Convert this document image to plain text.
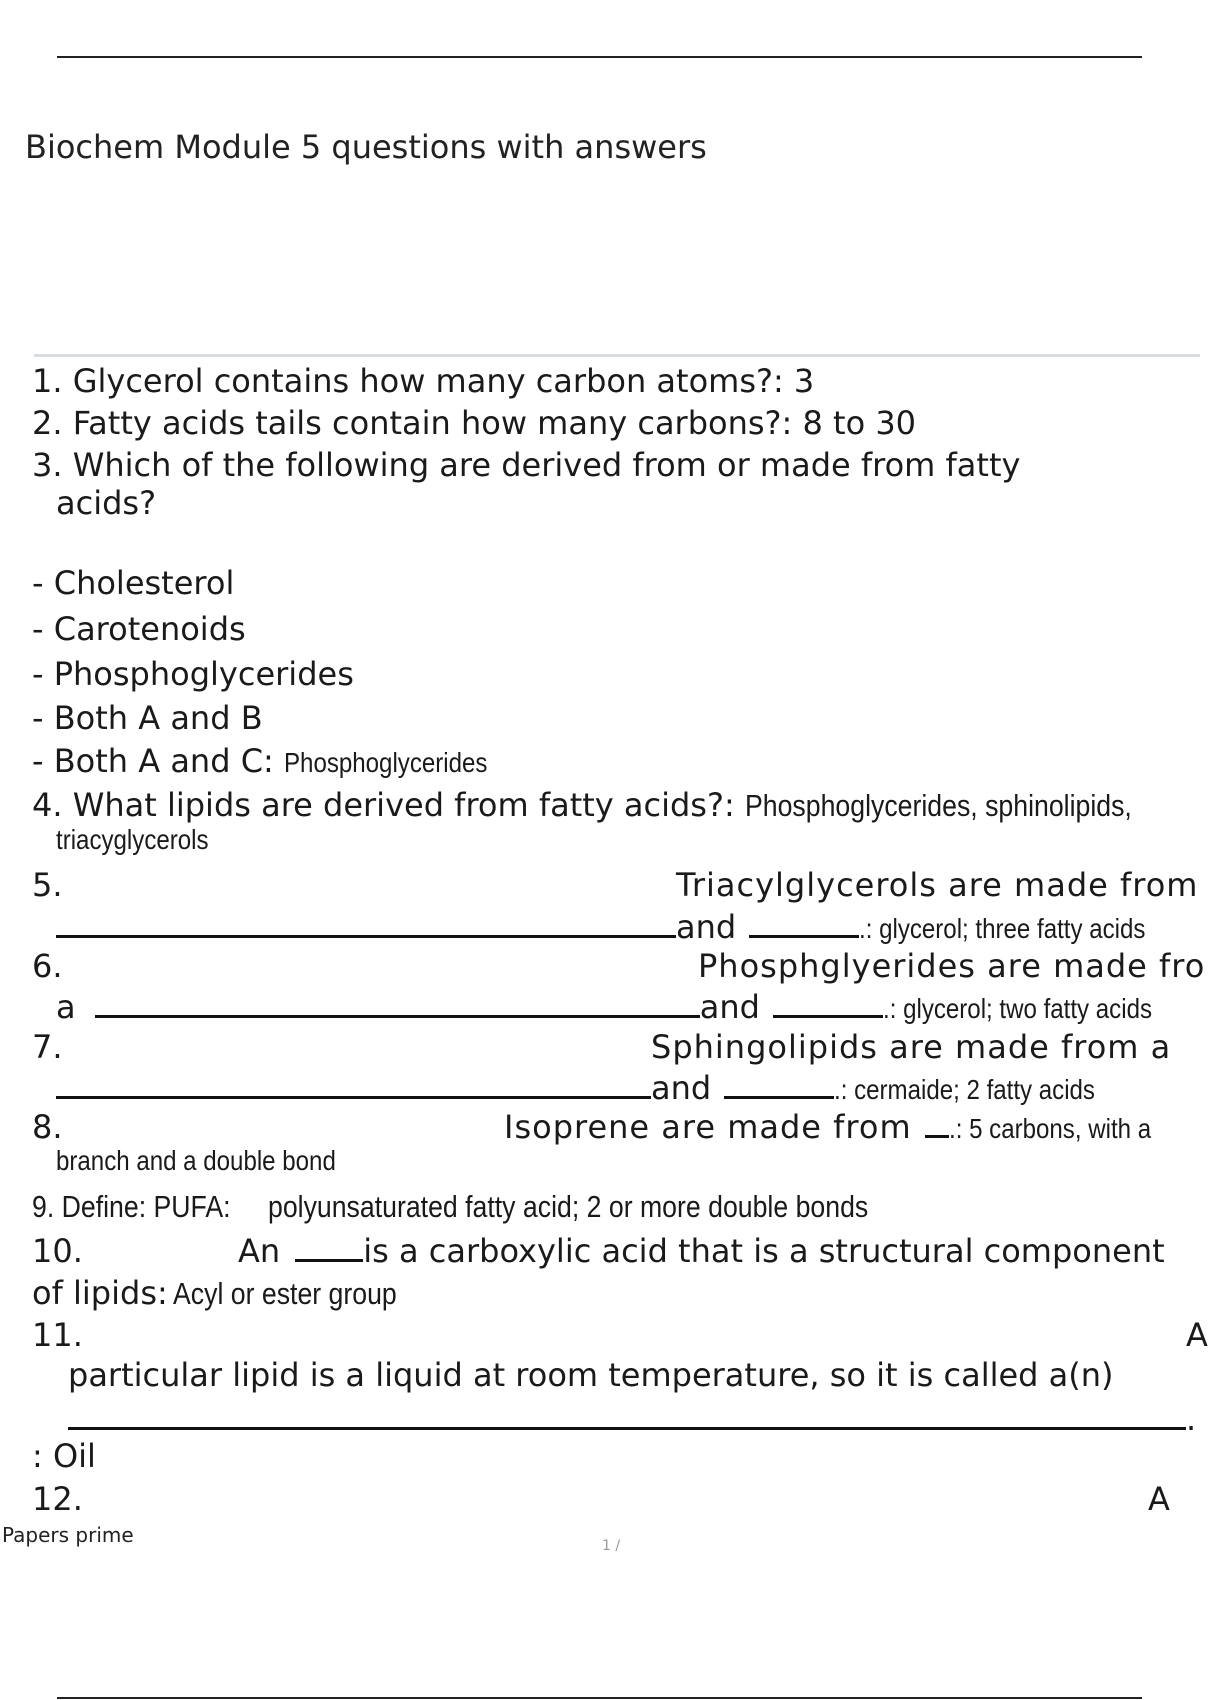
Biochem Module 5 questions with answers
1. Glycerol contains how many carbon atoms?: 3
2. Fatty acids tails contain how many carbons?: 8 to 30
3. Which of the following are derived from or made from fatty
acids?
- Cholesterol
- Carotenoids
- Phosphoglycerides
- Both A and B
- Both A and C: Phosphoglycerides
4. What lipids are derived from fatty acids?: Phosphoglycerides, sphinolipids,
triacyglycerols
5.	Triacylglycerols are made from
and	.: glycerol; three fatty acids
6.	Phosphglyerides are made fro
a	and	.: glycerol; two fatty acids
7.	Sphingolipids are made from a
and	.: cermaide; 2 fatty acids
8.	Isoprene are made from .: 5 carbons, with a
branch and a double bond
9. Define: PUFA: polyunsaturated fatty acid; 2 or more double bonds
10.	An	is a carboxylic acid that is a structural component
of lipids: Acyl or ester group
11.	A
particular lipid is a liquid at room temperature, so it is called a(n)
.
: Oil
12.	A
Papers prime	1 /
